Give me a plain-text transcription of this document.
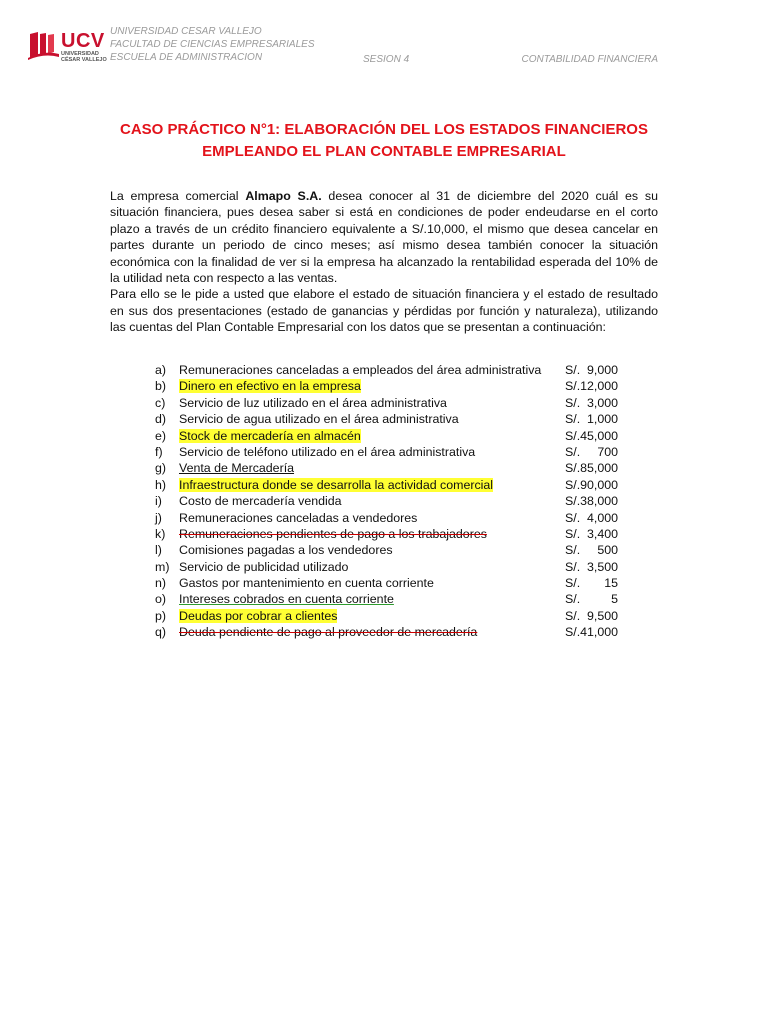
UCV
UNIVERSIDAD
CÉSAR VALLEJO
UNIVERSIDAD CESAR VALLEJO
FACULTAD DE CIENCIAS EMPRESARIALES
ESCUELA DE ADMINISTRACION	SESION 4	CONTABILIDAD FINANCIERA
CASO PRÁCTICO N°1: ELABORACIÓN DEL LOS ESTADOS FINANCIEROS
EMPLEANDO EL PLAN CONTABLE EMPRESARIAL

La empresa comercial Almapo S.A. desea conocer al 31 de diciembre del 2020 cuál es su situación financiera, pues desea saber si está en condiciones de poder endeudarse en el corto plazo a través de un crédito financiero equivalente a S/.10,000, el mismo que desea cancelar en partes durante un periodo de cinco meses; así mismo desea también conocer la situación económica con la finalidad de ver si la empresa ha alcanzado la rentabilidad esperada del 10% de la utilidad neta con respecto a las ventas.

Para ello se le pide a usted que elabore el estado de situación financiera y el estado de resultado en sus dos presentaciones (estado de ganancias y pérdidas por función y naturaleza), utilizando las cuentas del Plan Contable Empresarial con los datos que se presentan a continuación:

a) Remuneraciones canceladas a empleados del área administrativa S/.  9,000
b) Dinero en efectivo en la empresa	S/.12,000
c) Servicio de luz utilizado en el área administrativa	S/.  3,000
d) Servicio de agua utilizado en el área administrativa	S/.  1,000
e) Stock de mercadería en almacén	S/.45,000
f) Servicio de teléfono utilizado en el área administrativa	S/.     700
g) Venta de Mercadería	S/.85,000
h) Infraestructura donde se desarrolla la actividad comercial	S/.90,000
i) Costo de mercadería vendida	S/.38,000
j) Remuneraciones canceladas a vendedores	S/.  4,000
k) Remuneraciones pendientes de pago a los trabajadores	S/.  3,400
l) Comisiones pagadas a los vendedores	S/.     500
m) Servicio de publicidad utilizado	S/.  3,500
n) Gastos por mantenimiento en cuenta corriente	S/.       15
o) Intereses cobrados en cuenta corriente	S/.         5
p) Deudas por cobrar a clientes	S/.  9,500
q) Deuda pendiente de pago al proveedor de mercadería	S/.41,000
